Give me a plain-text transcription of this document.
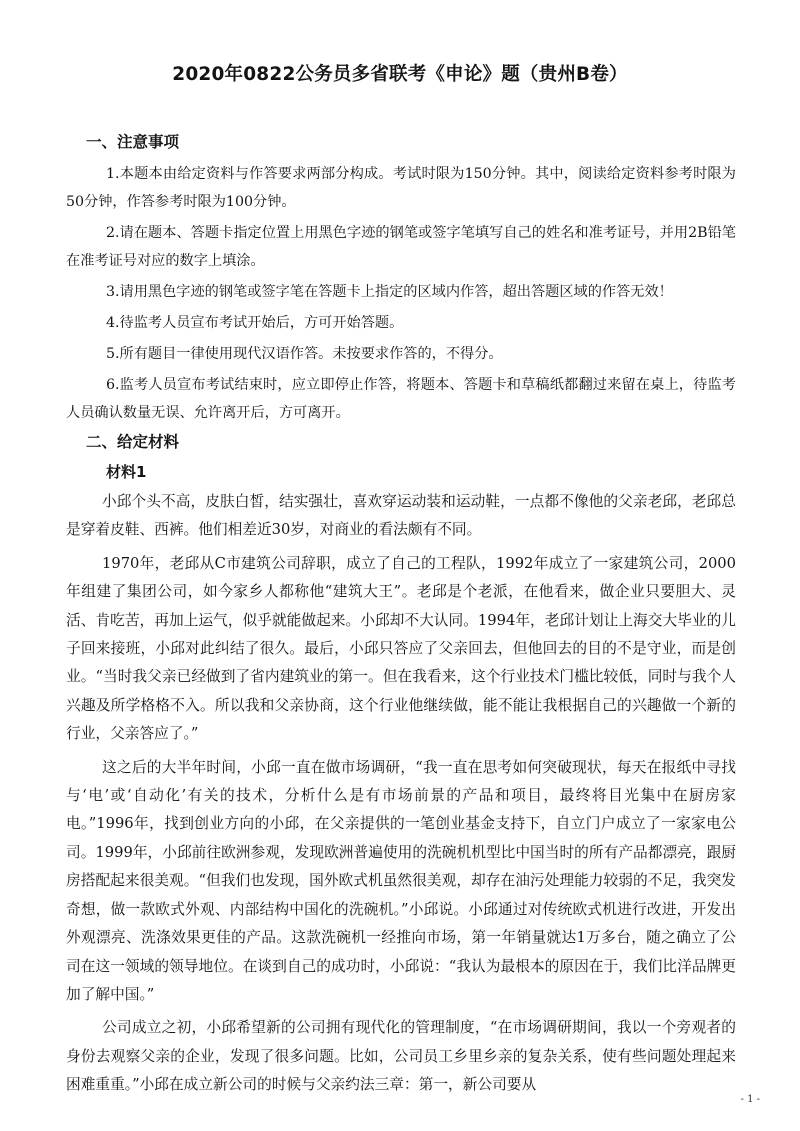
2020年0822公务员多省联考《申论》题（贵州B卷）
一、注意事项

1.本题本由给定资料与作答要求两部分构成。考试时限为150分钟。其中，阅读给定资料参考时限为50分钟，作答参考时限为100分钟。

2.请在题本、答题卡指定位置上用黑色字迹的钢笔或签字笔填写自己的姓名和准考证号，并用2B铅笔在准考证号对应的数字上填涂。

3.请用黑色字迹的钢笔或签字笔在答题卡上指定的区域内作答，超出答题区域的作答无效！

4.待监考人员宣布考试开始后，方可开始答题。

5.所有题目一律使用现代汉语作答。未按要求作答的，不得分。

6.监考人员宣布考试结束时，应立即停止作答，将题本、答题卡和草稿纸都翻过来留在桌上，待监考人员确认数量无误、允许离开后，方可离开。

二、给定材料
材料1

小邱个头不高，皮肤白皙，结实强壮，喜欢穿运动装和运动鞋，一点都不像他的父亲老邱，老邱总是穿着皮鞋、西裤。他们相差近30岁，对商业的看法颇有不同。

1970年，老邱从C市建筑公司辞职，成立了自己的工程队，1992年成立了一家建筑公司，2000年组建了集团公司，如今家乡人都称他“建筑大王”。老邱是个老派，在他看来，做企业只要胆大、灵活、肯吃苦，再加上运气，似乎就能做起来。小邱却不大认同。1994年，老邱计划让上海交大毕业的儿子回来接班，小邱对此纠结了很久。最后，小邱只答应了父亲回去，但他回去的目的不是守业，而是创业。“当时我父亲已经做到了省内建筑业的第一。但在我看来，这个行业技术门槛比较低，同时与我个人兴趣及所学格格不入。所以我和父亲协商，这个行业他继续做，能不能让我根据自己的兴趣做一个新的行业，父亲答应了。”

这之后的大半年时间，小邱一直在做市场调研，“我一直在思考如何突破现状，每天在报纸中寻找与‘电’或‘自动化’有关的技术，分析什么是有市场前景的产品和项目，最终将目光集中在厨房家电。”1996年，找到创业方向的小邱，在父亲提供的一笔创业基金支持下，自立门户成立了一家家电公司。1999年，小邱前往欧洲参观，发现欧洲普遍使用的洗碗机机型比中国当时的所有产品都漂亮，跟厨房搭配起来很美观。“但我们也发现，国外欧式机虽然很美观，却存在油污处理能力较弱的不足，我突发奇想，做一款欧式外观、内部结构中国化的洗碗机。”小邱说。小邱通过对传统欧式机进行改进，开发出外观漂亮、洗涤效果更佳的产品。这款洗碗机一经推向市场，第一年销量就达1万多台，随之确立了公司在这一领域的领导地位。在谈到自己的成功时，小邱说：“我认为最根本的原因在于，我们比洋品牌更加了解中国。”

公司成立之初，小邱希望新的公司拥有现代化的管理制度，“在市场调研期间，我以一个旁观者的身份去观察父亲的企业，发现了很多问题。比如，公司员工乡里乡亲的复杂关系，使有些问题处理起来困难重重。”小邱在成立新公司的时候与父亲约法三章：第一，新公司要从

- 1 -
